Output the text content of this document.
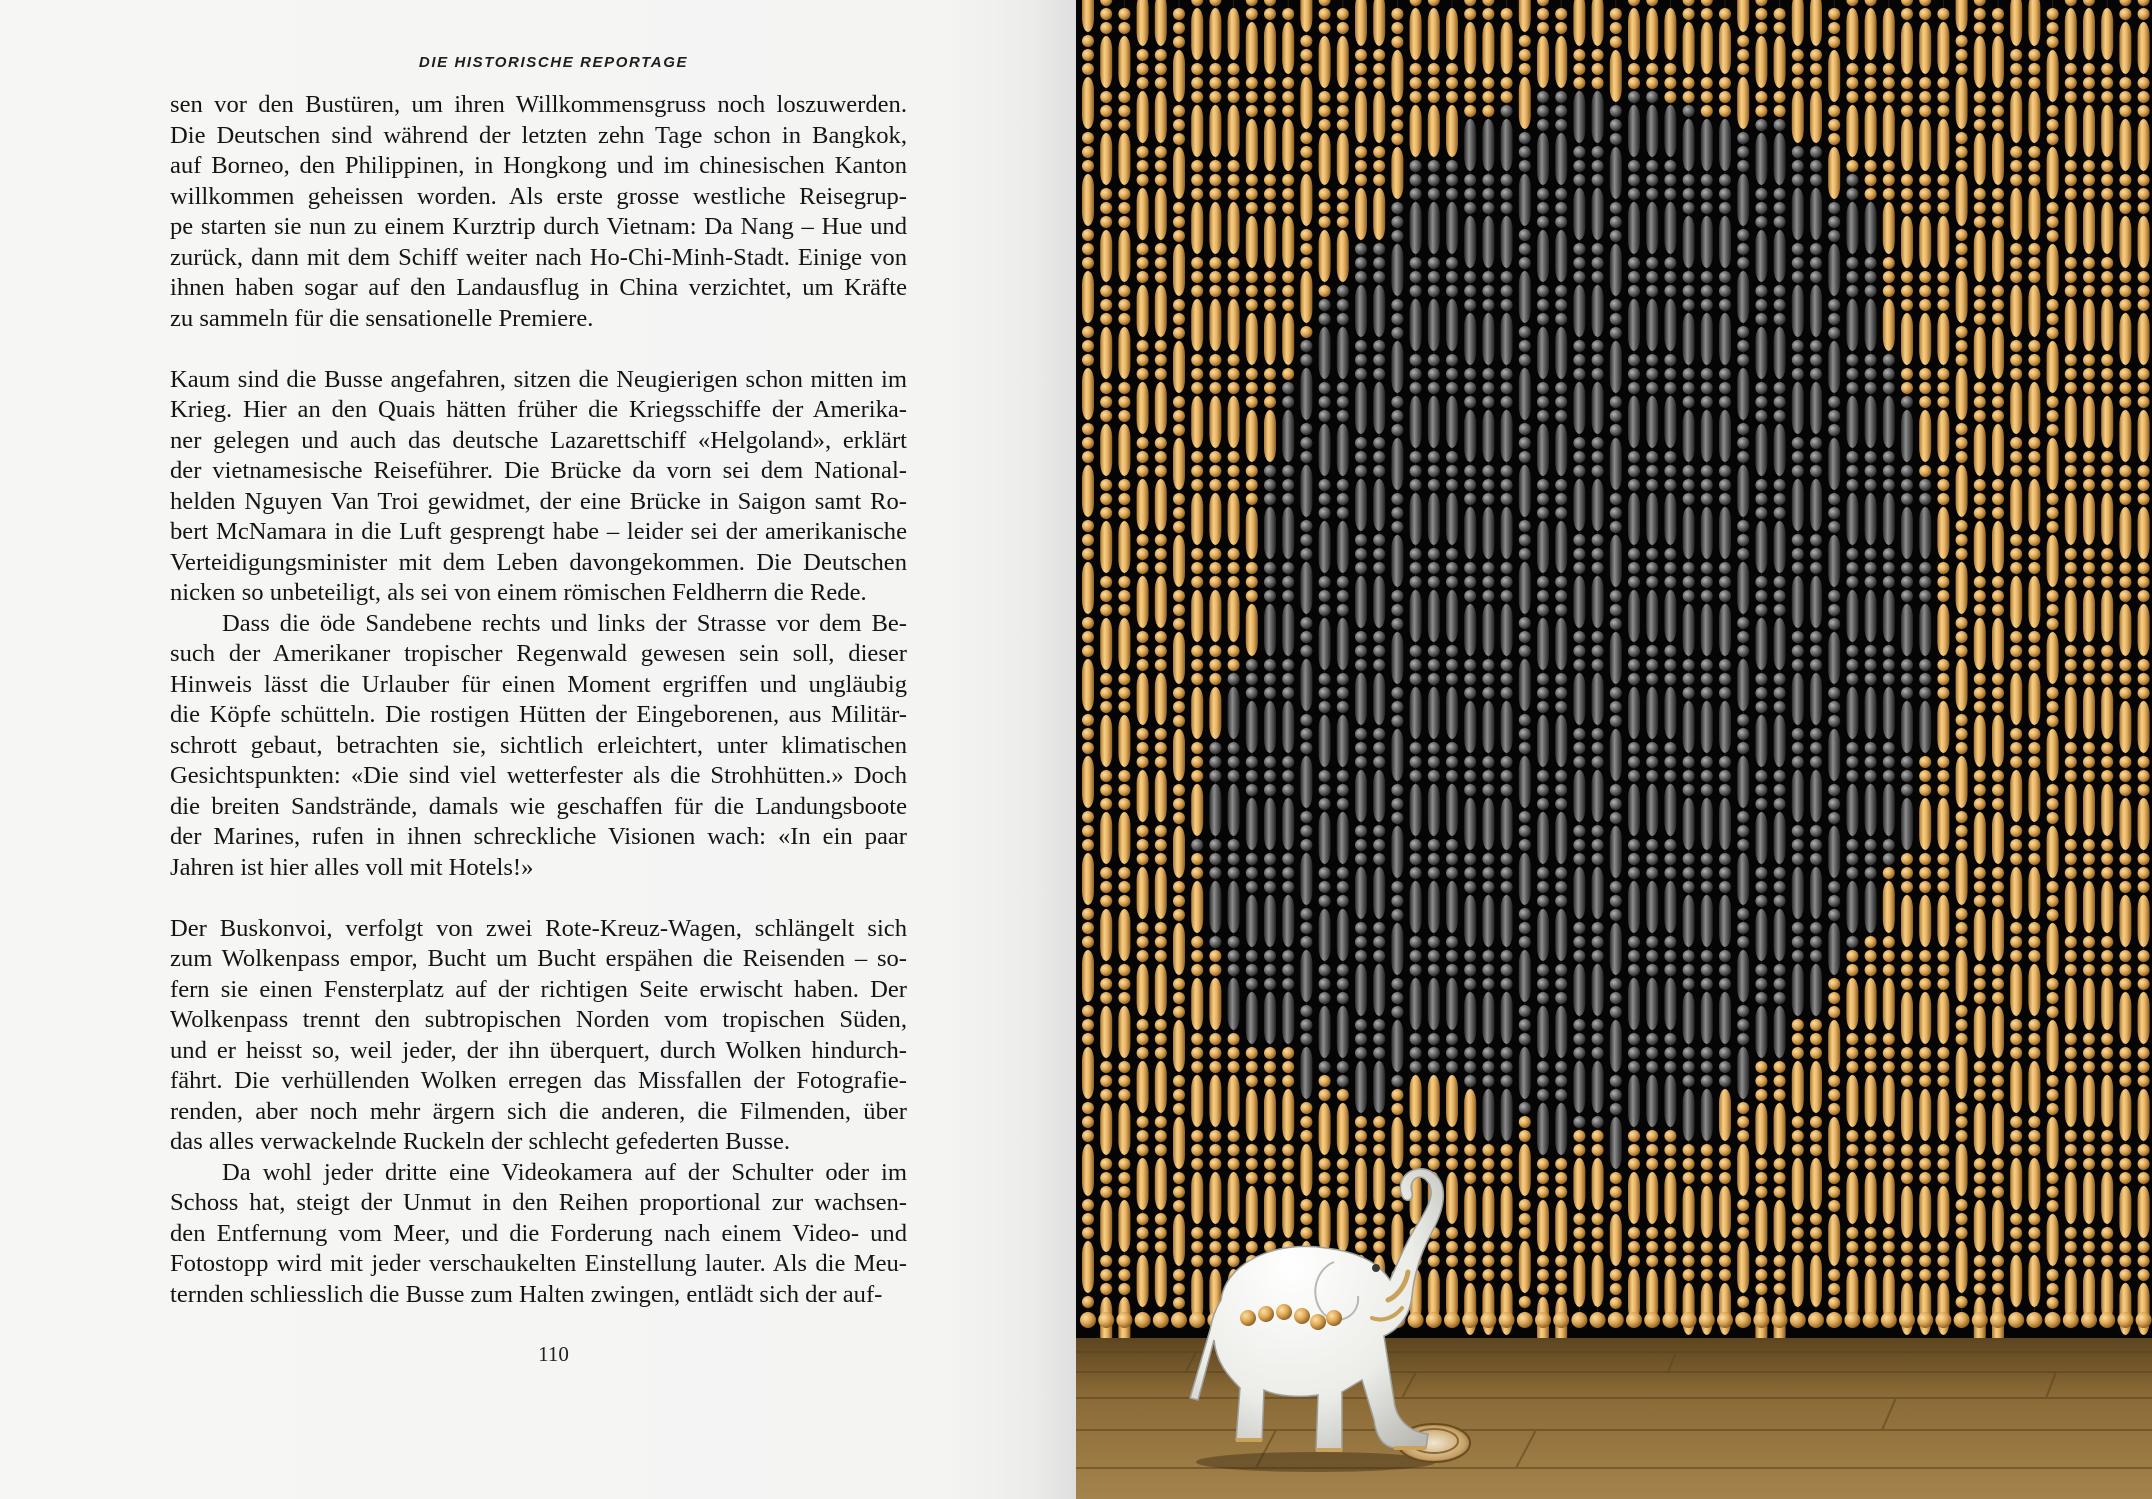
DIE HISTORISCHE REPORTAGE
sen vor den Bustüren, um ihren Willkommensgruss noch loszuwerden.
Die Deutschen sind während der letzten zehn Tage schon in Bangkok,
auf Borneo, den Philippinen, in Hongkong und im chinesischen Kanton
willkommen geheissen worden. Als erste grosse westliche Reisegrup-
pe starten sie nun zu einem Kurztrip durch Vietnam: Da Nang – Hue und
zurück, dann mit dem Schiff weiter nach Ho-Chi-Minh-Stadt. Einige von
ihnen haben sogar auf den Landausflug in China verzichtet, um Kräfte
zu sammeln für die sensationelle Premiere.
Kaum sind die Busse angefahren, sitzen die Neugierigen schon mitten im
Krieg. Hier an den Quais hätten früher die Kriegsschiffe der Amerika-
ner gelegen und auch das deutsche Lazarettschiff «Helgoland», erklärt
der vietnamesische Reiseführer. Die Brücke da vorn sei dem National-
helden Nguyen Van Troi gewidmet, der eine Brücke in Saigon samt Ro-
bert McNamara in die Luft gesprengt habe – leider sei der amerikanische
Verteidigungsminister mit dem Leben davongekommen. Die Deutschen
nicken so unbeteiligt, als sei von einem römischen Feldherrn die Rede.
Dass die öde Sandebene rechts und links der Strasse vor dem Be-
such der Amerikaner tropischer Regenwald gewesen sein soll, dieser
Hinweis lässt die Urlauber für einen Moment ergriffen und ungläubig
die Köpfe schütteln. Die rostigen Hütten der Eingeborenen, aus Militär-
schrott gebaut, betrachten sie, sichtlich erleichtert, unter klimatischen
Gesichtspunkten: «Die sind viel wetterfester als die Strohhütten.» Doch
die breiten Sandstrände, damals wie geschaffen für die Landungsboote
der Marines, rufen in ihnen schreckliche Visionen wach: «In ein paar
Jahren ist hier alles voll mit Hotels!»
Der Buskonvoi, verfolgt von zwei Rote-Kreuz-Wagen, schlängelt sich
zum Wolkenpass empor, Bucht um Bucht erspähen die Reisenden – so-
fern sie einen Fensterplatz auf der richtigen Seite erwischt haben. Der
Wolkenpass trennt den subtropischen Norden vom tropischen Süden,
und er heisst so, weil jeder, der ihn überquert, durch Wolken hindurch-
fährt. Die verhüllenden Wolken erregen das Missfallen der Fotografie-
renden, aber noch mehr ärgern sich die anderen, die Filmenden, über
das alles verwackelnde Ruckeln der schlecht gefederten Busse.
Da wohl jeder dritte eine Videokamera auf der Schulter oder im
Schoss hat, steigt der Unmut in den Reihen proportional zur wachsen-
den Entfernung vom Meer, und die Forderung nach einem Video- und
Fotostopp wird mit jeder verschaukelten Einstellung lauter. Als die Meu-
ternden schliesslich die Busse zum Halten zwingen, entlädt sich der auf-
110
